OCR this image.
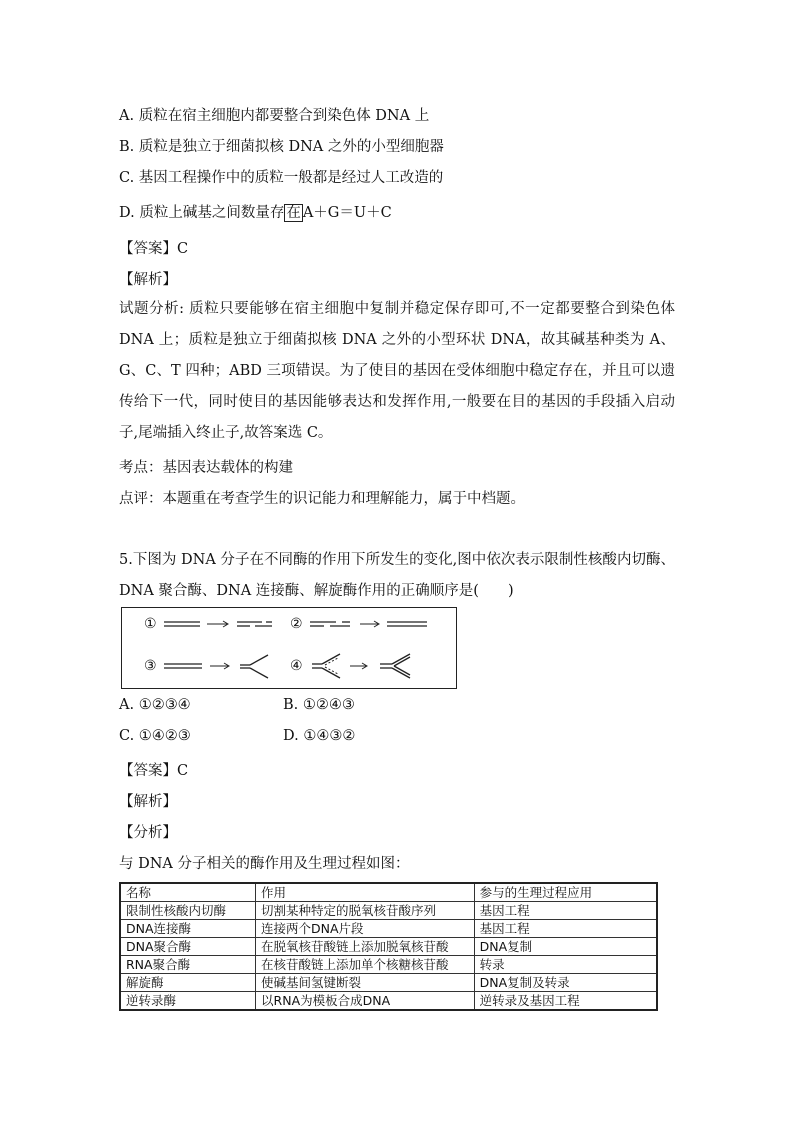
A. 质粒在宿主细胞内都要整合到染色体 DNA 上
B. 质粒是独立于细菌拟核 DNA 之外的小型细胞器
C. 基因工程操作中的质粒一般都是经过人工改造的
D. 质粒上碱基之间数量存 在 A＋G＝U＋C
【答案】C
【解析】
试题分析: 质粒只要能够在宿主细胞中复制并稳定保存即可,不一定都要整合到染色体 DNA 上；质粒是独立于细菌拟核 DNA 之外的小型环状 DNA，故其碱基种类为 A、G、C、T 四种；ABD 三项错误。为了使目的基因在受体细胞中稳定存在，并且可以遗传给下一代，同时使目的基因能够表达和发挥作用,一般要在目的基因的手段插入启动子,尾端插入终止子,故答案选 C。
考点：基因表达载体的构建
点评：本题重在考查学生的识记能力和理解能力，属于中档题。
5.下图为 DNA 分子在不同酶的作用下所发生的变化,图中依次表示限制性核酸内切酶、DNA 聚合酶、DNA 连接酶、解旋酶作用的正确顺序是(　　)
①	②
③	④
A. ①②③④	B. ①②④③
C. ①④②③	D. ①④③②
【答案】C
【解析】
【分析】
与 DNA 分子相关的酶作用及生理过程如图：
名称	作用	参与的生理过程应用
限制性核酸内切酶	切割某种特定的脱氧核苷酸序列	基因工程
DNA连接酶	连接两个DNA片段	基因工程
DNA聚合酶	在脱氧核苷酸链上添加脱氧核苷酸	DNA复制
RNA聚合酶	在核苷酸链上添加单个核糖核苷酸	转录
解旋酶	使碱基间氢键断裂	DNA复制及转录
逆转录酶	以RNA为模板合成DNA	逆转录及基因工程
